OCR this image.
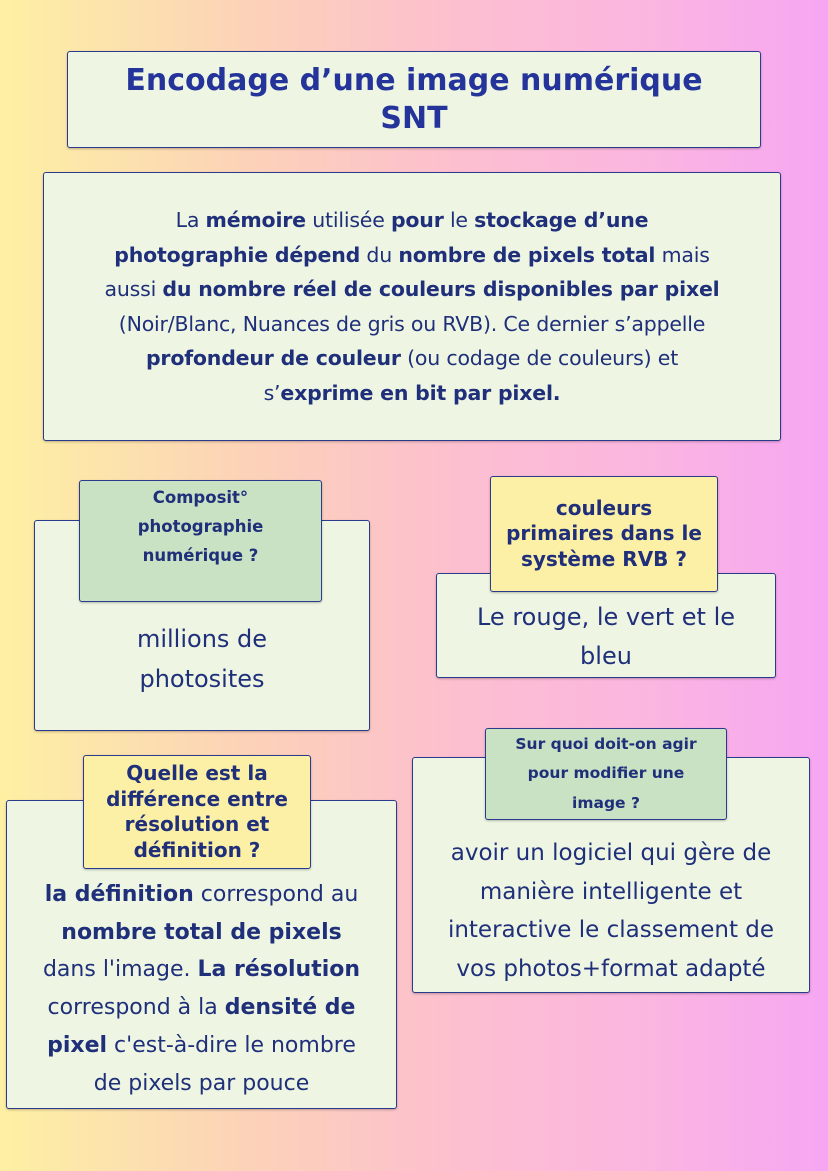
Encodage d’une image numérique
SNT
La mémoire utilisée pour le stockage d’une
photographie dépend du nombre de pixels total mais
aussi du nombre réel de couleurs disponibles par pixel
(Noir/Blanc, Nuances de gris ou RVB). Ce dernier s’appelle
profondeur de couleur (ou codage de couleurs) et
s’exprime en bit par pixel.
Composit°
photographie
numérique ?
millions de
photosites
couleurs
primaires dans le
système RVB ?
Le rouge, le vert et le
bleu
Quelle est la
différence entre
résolution et
définition ?
la définition correspond au
nombre total de pixels
dans l'image. La résolution
correspond à la densité de
pixel c'est-à-dire le nombre
de pixels par pouce
Sur quoi doit-on agir
pour modifier une
image ?
avoir un logiciel qui gère de
manière intelligente et
interactive le classement de
vos photos+format adapté
